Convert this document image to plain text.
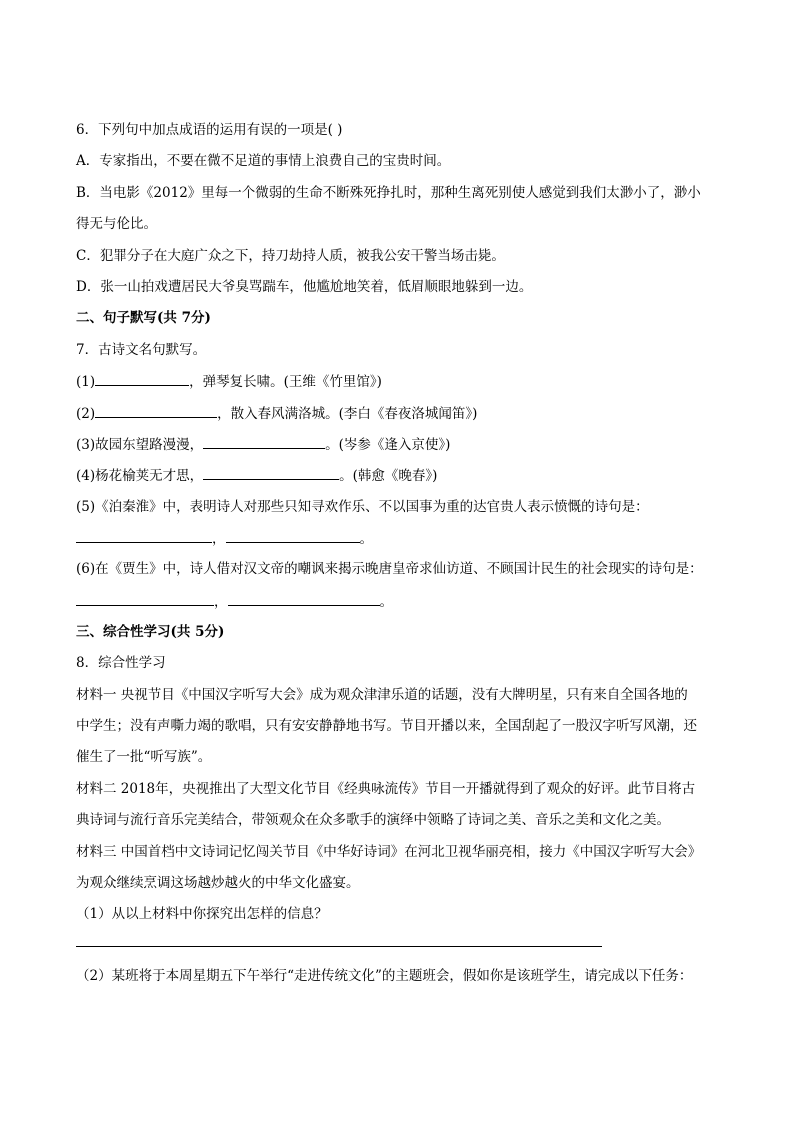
6．下列句中加点成语的运用有误的一项是( )
A．专家指出，不要在微不足道的事情上浪费自己的宝贵时间。
B．当电影《2012》里每一个微弱的生命不断殊死挣扎时，那种生离死别使人感觉到我们太渺小了，渺小
得无与伦比。
C．犯罪分子在大庭广众之下，持刀劫持人质，被我公安干警当场击毙。
D．张一山拍戏遭居民大爷臭骂踹车，他尴尬地笑着，低眉顺眼地躲到一边。
二、句子默写(共 7分)
7．古诗文名句默写。
(1)	，弹琴复长啸。(王维《竹里馆》)
(2)	，散入春风满洛城。(李白《春夜洛城闻笛》)
(3)故园东望路漫漫，	。(岑参《逢入京使》)
(4)杨花榆荚无才思，	。(韩愈《晚春》)
(5)《泊秦淮》中，表明诗人对那些只知寻欢作乐、不以国事为重的达官贵人表示愤慨的诗句是：
，	。
(6)在《贾生》中，诗人借对汉文帝的嘲讽来揭示晚唐皇帝求仙访道、不顾国计民生的社会现实的诗句是：
，	。
三、综合性学习(共 5分)
8．综合性学习
材料一 央视节目《中国汉字听写大会》成为观众津津乐道的话题，没有大牌明星，只有来自全国各地的
中学生；没有声嘶力竭的歌唱，只有安安静静地书写。节目开播以来，全国刮起了一股汉字听写风潮，还
催生了一批“听写族”。
材料二 2018年，央视推出了大型文化节目《经典咏流传》节目一开播就得到了观众的好评。此节目将古
典诗词与流行音乐完美结合，带领观众在众多歌手的演绎中领略了诗词之美、音乐之美和文化之美。
材料三 中国首档中文诗词记忆闯关节目《中华好诗词》在河北卫视华丽亮相，接力《中国汉字听写大会》
为观众继续烹调这场越炒越火的中华文化盛宴。
（1）从以上材料中你探究出怎样的信息？
（2）某班将于本周星期五下午举行“走进传统文化”的主题班会，假如你是该班学生，请完成以下任务：
